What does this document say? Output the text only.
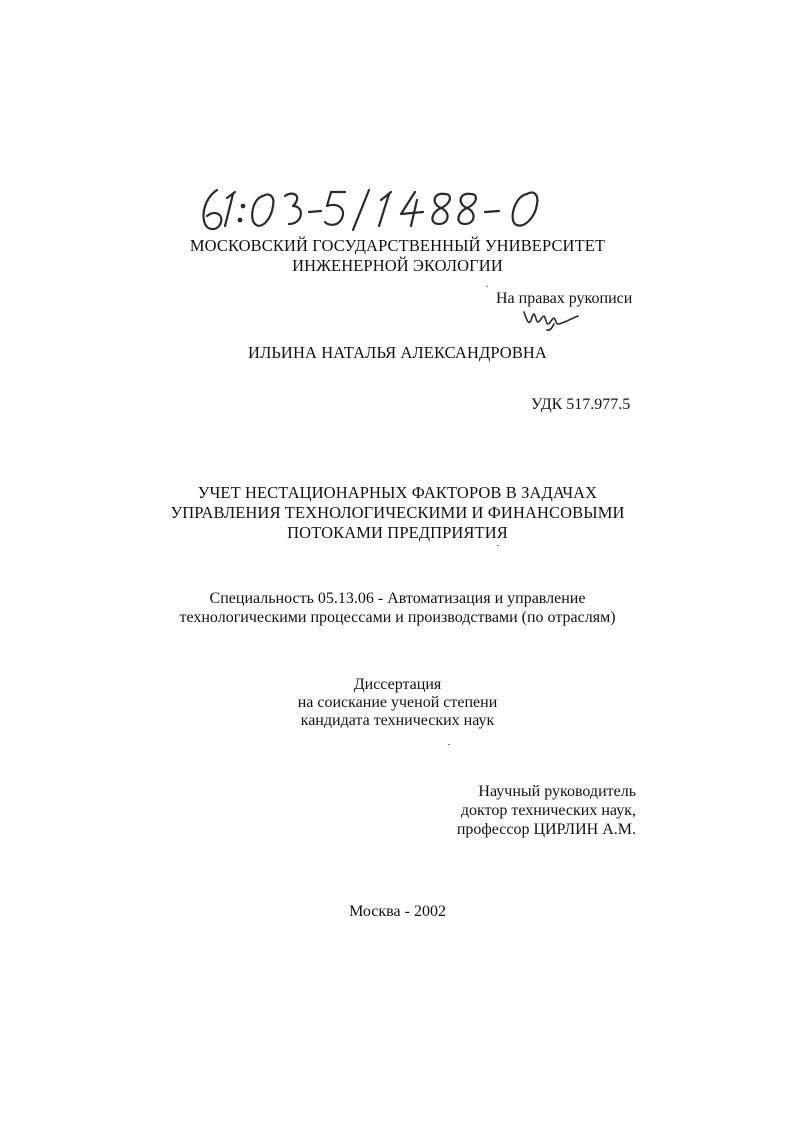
МОСКОВСКИЙ ГОСУДАРСТВЕННЫЙ УНИВЕРСИТЕТ
ИНЖЕНЕРНОЙ ЭКОЛОГИИ
На правах рукописи
ИЛЬИНА НАТАЛЬЯ АЛЕКСАНДРОВНА
УДК 517.977.5
УЧЕТ НЕСТАЦИОНАРНЫХ ФАКТОРОВ В ЗАДАЧАХ
УПРАВЛЕНИЯ ТЕХНОЛОГИЧЕСКИМИ И ФИНАНСОВЫМИ
ПОТОКАМИ ПРЕДПРИЯТИЯ
Специальность 05.13.06 - Автоматизация и управление
технологическими процессами и производствами (по отраслям)
Диссертация
на соискание ученой степени
кандидата технических наук
Научный руководитель
доктор технических наук,
профессор ЦИРЛИН А.М.
Москва - 2002
